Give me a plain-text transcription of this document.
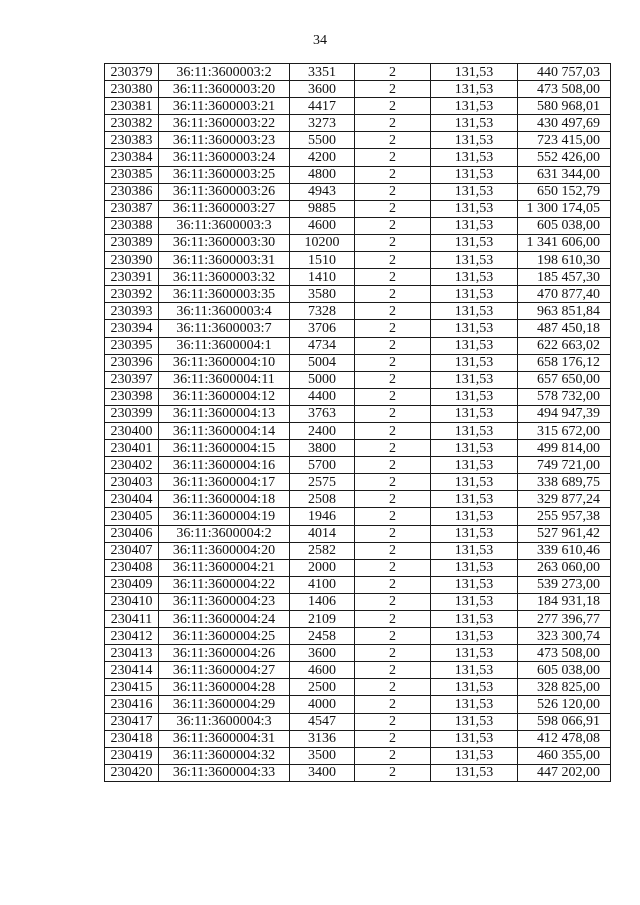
34
230379	36:11:3600003:2	3351	2	131,53	440 757,03
230380	36:11:3600003:20	3600	2	131,53	473 508,00
230381	36:11:3600003:21	4417	2	131,53	580 968,01
230382	36:11:3600003:22	3273	2	131,53	430 497,69
230383	36:11:3600003:23	5500	2	131,53	723 415,00
230384	36:11:3600003:24	4200	2	131,53	552 426,00
230385	36:11:3600003:25	4800	2	131,53	631 344,00
230386	36:11:3600003:26	4943	2	131,53	650 152,79
230387	36:11:3600003:27	9885	2	131,53	1 300 174,05
230388	36:11:3600003:3	4600	2	131,53	605 038,00
230389	36:11:3600003:30	10200	2	131,53	1 341 606,00
230390	36:11:3600003:31	1510	2	131,53	198 610,30
230391	36:11:3600003:32	1410	2	131,53	185 457,30
230392	36:11:3600003:35	3580	2	131,53	470 877,40
230393	36:11:3600003:4	7328	2	131,53	963 851,84
230394	36:11:3600003:7	3706	2	131,53	487 450,18
230395	36:11:3600004:1	4734	2	131,53	622 663,02
230396	36:11:3600004:10	5004	2	131,53	658 176,12
230397	36:11:3600004:11	5000	2	131,53	657 650,00
230398	36:11:3600004:12	4400	2	131,53	578 732,00
230399	36:11:3600004:13	3763	2	131,53	494 947,39
230400	36:11:3600004:14	2400	2	131,53	315 672,00
230401	36:11:3600004:15	3800	2	131,53	499 814,00
230402	36:11:3600004:16	5700	2	131,53	749 721,00
230403	36:11:3600004:17	2575	2	131,53	338 689,75
230404	36:11:3600004:18	2508	2	131,53	329 877,24
230405	36:11:3600004:19	1946	2	131,53	255 957,38
230406	36:11:3600004:2	4014	2	131,53	527 961,42
230407	36:11:3600004:20	2582	2	131,53	339 610,46
230408	36:11:3600004:21	2000	2	131,53	263 060,00
230409	36:11:3600004:22	4100	2	131,53	539 273,00
230410	36:11:3600004:23	1406	2	131,53	184 931,18
230411	36:11:3600004:24	2109	2	131,53	277 396,77
230412	36:11:3600004:25	2458	2	131,53	323 300,74
230413	36:11:3600004:26	3600	2	131,53	473 508,00
230414	36:11:3600004:27	4600	2	131,53	605 038,00
230415	36:11:3600004:28	2500	2	131,53	328 825,00
230416	36:11:3600004:29	4000	2	131,53	526 120,00
230417	36:11:3600004:3	4547	2	131,53	598 066,91
230418	36:11:3600004:31	3136	2	131,53	412 478,08
230419	36:11:3600004:32	3500	2	131,53	460 355,00
230420	36:11:3600004:33	3400	2	131,53	447 202,00
